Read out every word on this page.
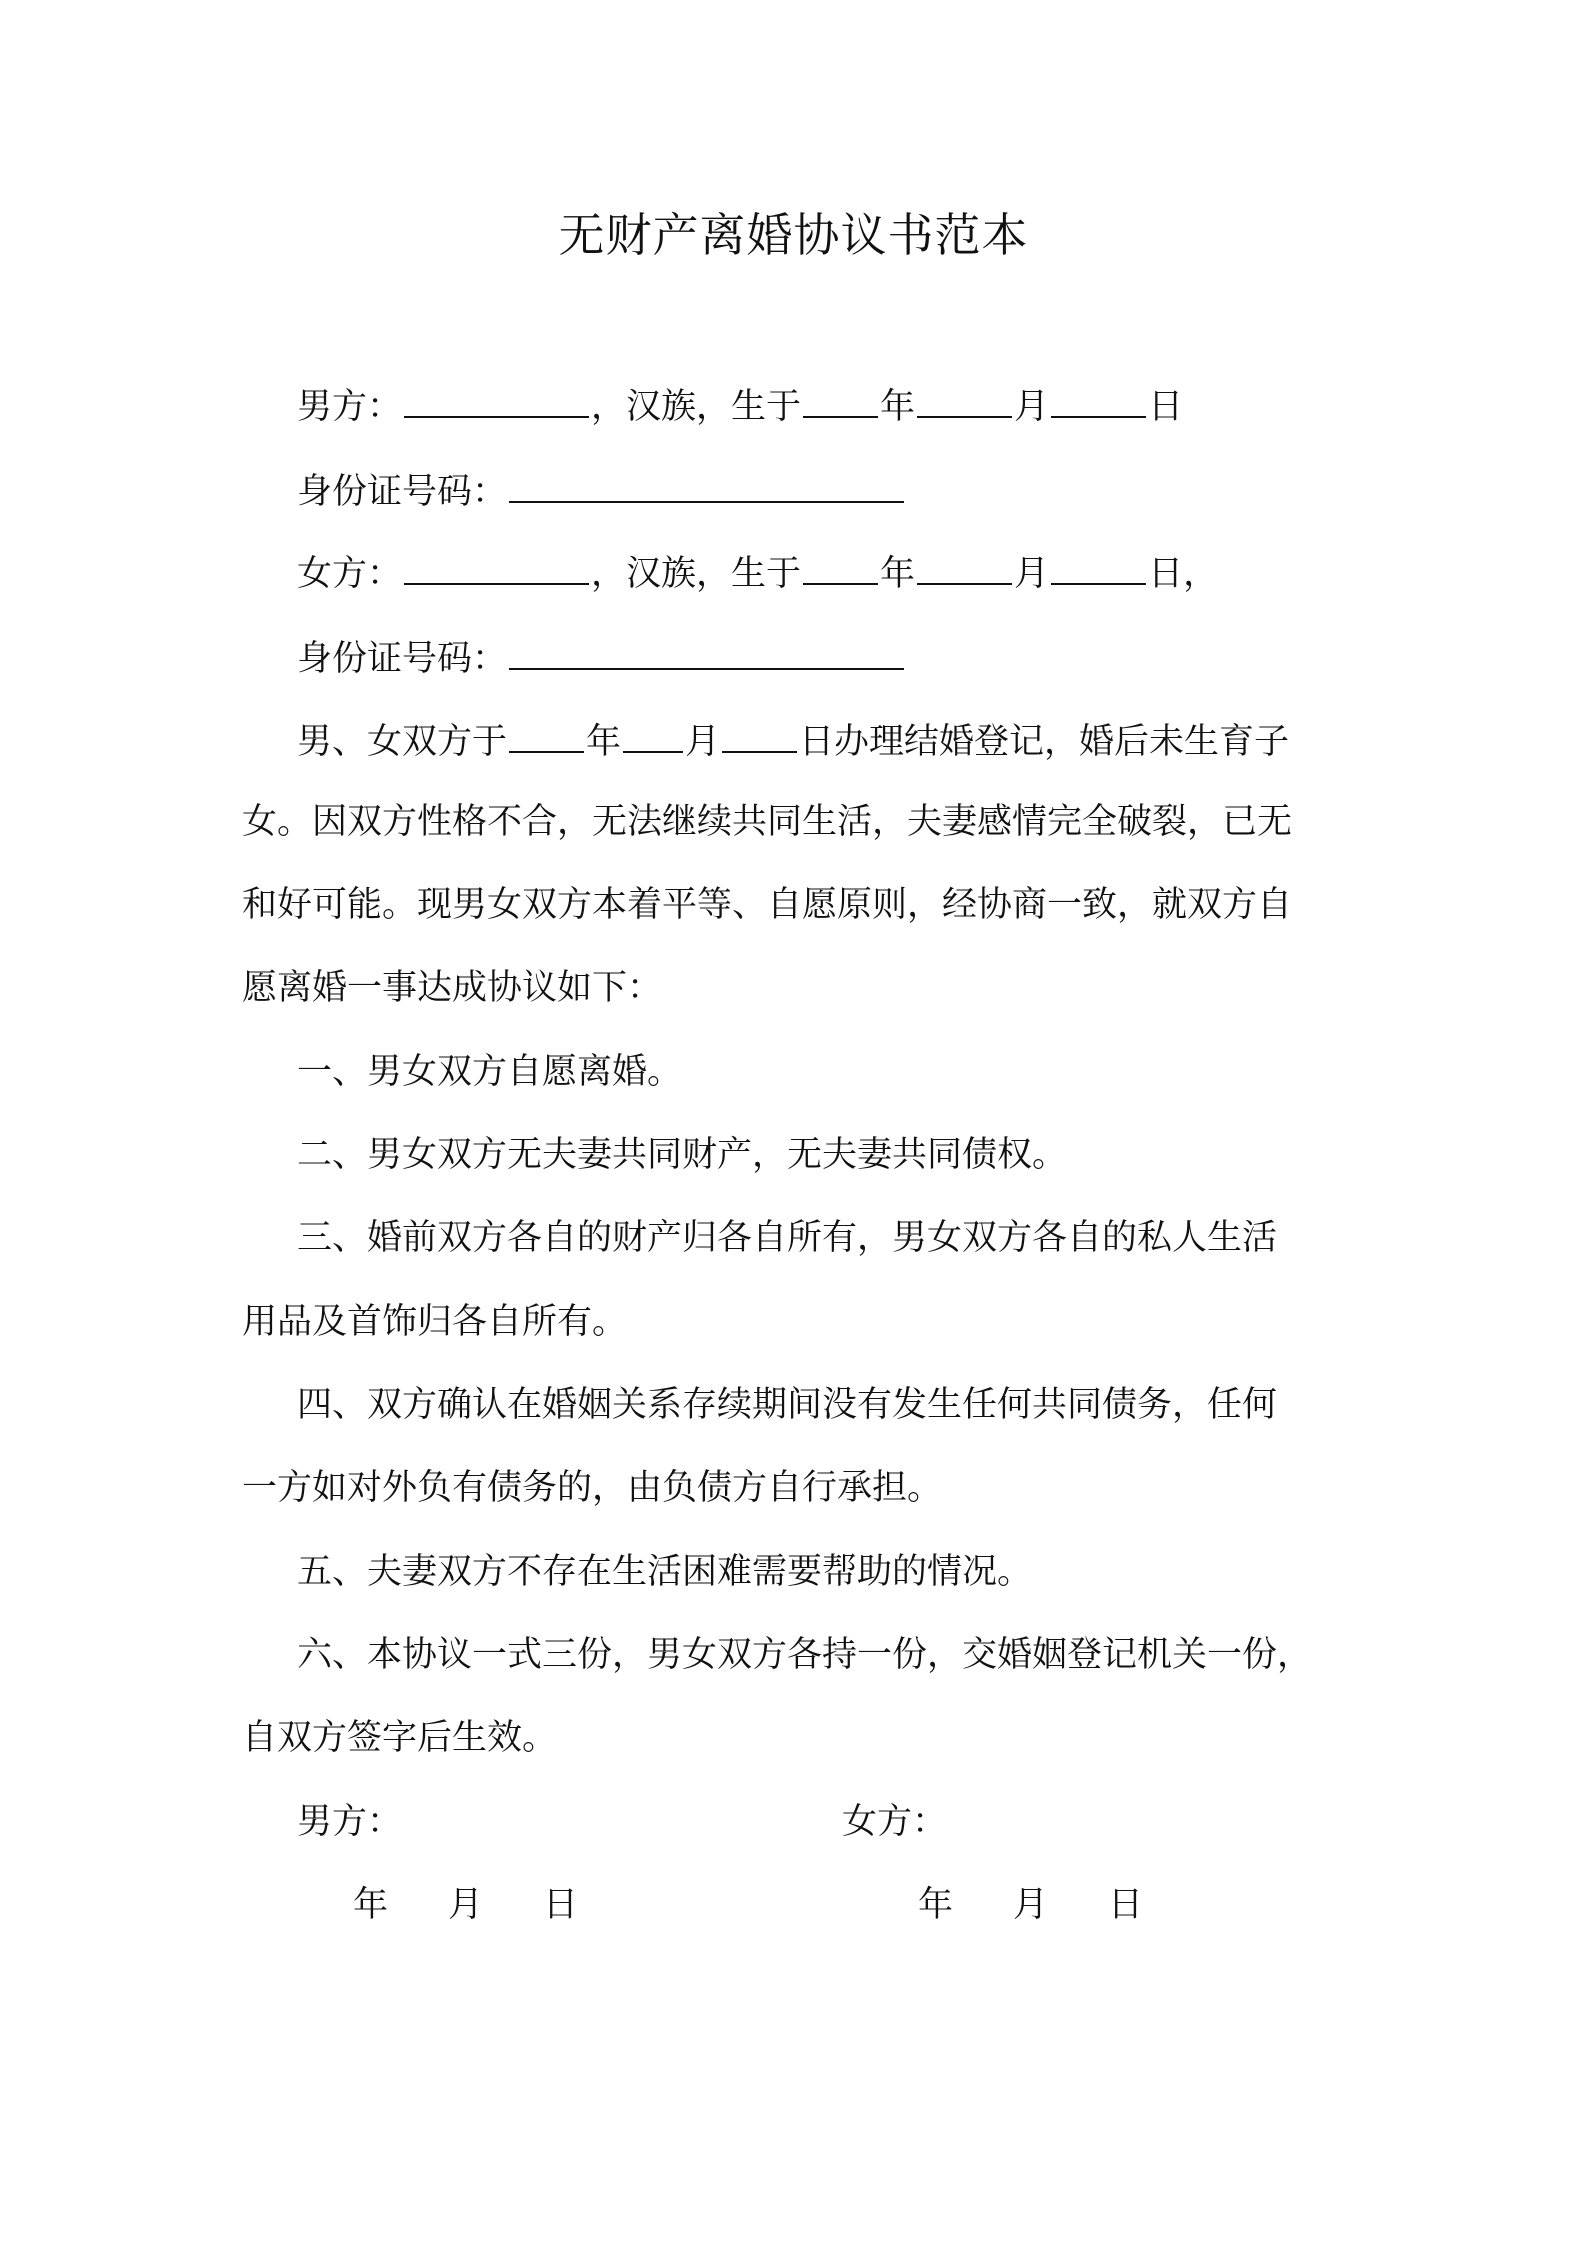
无财产离婚协议书范本
男方：	，汉族，生于 年	月	日
身份证号码：
女方：	，汉族，生于 年	月	日，
身份证号码：
男、女双方于 年 月 日办理结婚登记，婚后未生育子
女。因双方性格不合，无法继续共同生活，夫妻感情完全破裂，已无
和好可能。现男女双方本着平等、自愿原则，经协商一致，就双方自
愿离婚一事达成协议如下：
一、男女双方自愿离婚。
二、男女双方无夫妻共同财产，无夫妻共同债权。
三、婚前双方各自的财产归各自所有，男女双方各自的私人生活
用品及首饰归各自所有。
四、双方确认在婚姻关系存续期间没有发生任何共同债务，任何
一方如对外负有债务的，由负债方自行承担。
五、夫妻双方不存在生活困难需要帮助的情况。
六、本协议一式三份，男女双方各持一份，交婚姻登记机关一份，
自双方签字后生效。
男方：	女方：
年 月 日	年 月 日
